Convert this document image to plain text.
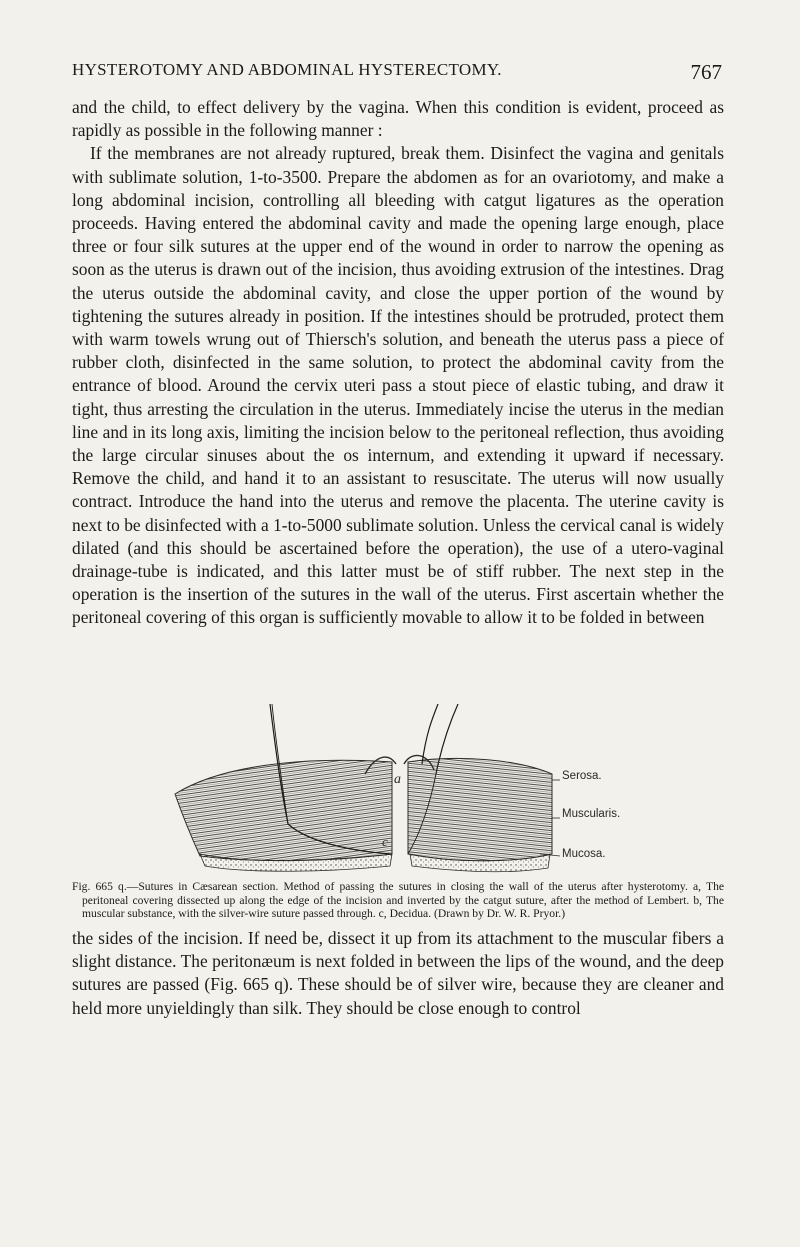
HYSTEROTOMY AND ABDOMINAL HYSTERECTOMY.	767

and the child, to effect delivery by the vagina. When this condition is evident, proceed as rapidly as possible in the following manner :

If the membranes are not already ruptured, break them. Disinfect the vagina and genitals with sublimate solution, 1-to-3500. Prepare the abdomen as for an ovariotomy, and make a long abdominal incision, controlling all bleeding with catgut ligatures as the operation proceeds. Having entered the abdominal cavity and made the opening large enough, place three or four silk sutures at the upper end of the wound in order to narrow the opening as soon as the uterus is drawn out of the incision, thus avoiding extrusion of the intestines. Drag the uterus outside the abdominal cavity, and close the upper portion of the wound by tightening the sutures already in position. If the intestines should be protruded, protect them with warm towels wrung out of Thiersch's solution, and beneath the uterus pass a piece of rubber cloth, disinfected in the same solution, to protect the abdominal cavity from the entrance of blood. Around the cervix uteri pass a stout piece of elastic tubing, and draw it tight, thus arresting the circulation in the uterus. Immediately incise the uterus in the median line and in its long axis, limiting the incision below to the peritoneal reflection, thus avoiding the large circular sinuses about the os internum, and extending it upward if necessary. Remove the child, and hand it to an assistant to resuscitate. The uterus will now usually contract. Introduce the hand into the uterus and remove the placenta. The uterine cavity is next to be disinfected with a 1-to-5000 sublimate solution. Unless the cervical canal is widely dilated (and this should be ascertained before the operation), the use of a utero-vaginal drainage-tube is indicated, and this latter must be of stiff rubber. The next step in the operation is the insertion of the sutures in the wall of the uterus. First ascertain whether the peritoneal covering of this organ is sufficiently movable to allow it to be folded in between

Serosa.
Muscularis.
Mucosa.
a
c
Fig. 665 q.—Sutures in Cæsarean section. Method of passing the sutures in closing the wall of the uterus after hysterotomy. a, The peritoneal covering dissected up along the edge of the incision and inverted by the catgut suture, after the method of Lembert. b, The muscular substance, with the silver-wire suture passed through. c, Decidua. (Drawn by Dr. W. R. Pryor.)

the sides of the incision. If need be, dissect it up from its attachment to the muscular fibers a slight distance. The peritonæum is next folded in between the lips of the wound, and the deep sutures are passed (Fig. 665 q). These should be of silver wire, because they are cleaner and held more unyieldingly than silk. They should be close enough to control
